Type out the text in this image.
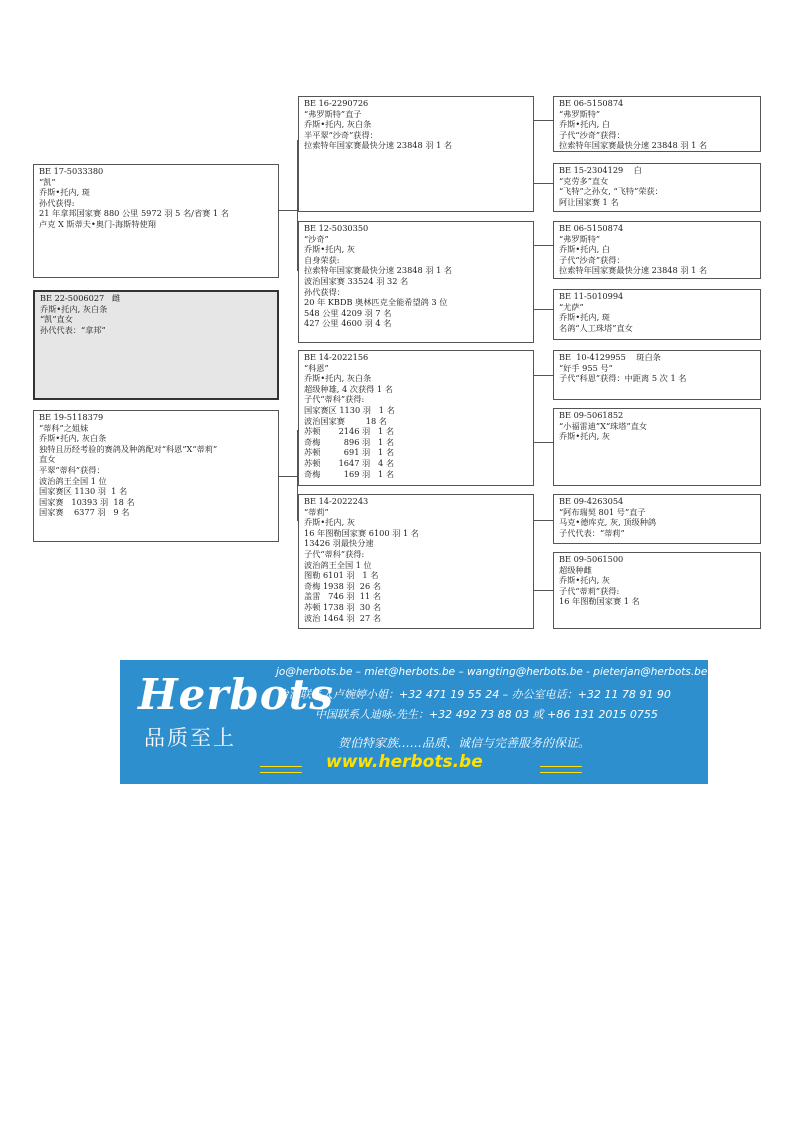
BE 17-5033380
“凯”
乔斯•托内, 斑
孙代获得:
21 年拿邦国家赛 880 公里 5972 羽 5 名/省赛 1 名
卢克 X 斯蒂夫•奥门-海斯特使翔
BE 22-5006027   雌
乔斯•托内, 灰白条
“凯”直女
孙代代表：“拿邦”
BE 19-5118379
“蒂科”之姐妹
乔斯•托内, 灰白条
独特且历经考验的赛鸽及种鸽配对“科恩”X“蒂莉”
直女
平翠“蒂科”获得：
波治鸽王全国 1 位
国家赛区 1130 羽  1 名
国家赛   10393 羽  18 名
国家赛    6377 羽   9 名
BE 16-2290726
“弗罗斯特”直子
乔斯•托内, 灰白条
半平翠“沙奇”获得：
拉索特年国家赛最快分速 23848 羽 1 名
BE 12-5030350
“沙奇”
乔斯•托内, 灰
自身荣获:
拉索特年国家赛最快分速 23848 羽 1 名
波治国家赛 33524 羽 32 名
孙代获得：
20 年 KBDB 奥林匹克全能希望鸽 3 位
548 公里 4209 羽 7 名
427 公里 4600 羽 4 名
BE 14-2022156
“科恩”
乔斯•托内, 灰白条
超级种雄, 4 次获得 1 名
子代“蒂科”获得:
国家赛区 1130 羽   1 名
波治国家赛        18 名
苏顿       2146 羽   1 名
奇梅         896 羽   1 名
苏顿         691 羽   1 名
苏顿       1647 羽   4 名
奇梅         169 羽   1 名
BE 14-2022243
“蒂莉”
乔斯•托内, 灰
16 年图勒国家赛 6100 羽 1 名
13426 羽最快分速
子代“蒂科”获得:
波治鸽王全国 1 位
图勒 6101 羽   1 名
奇梅 1938 羽  26 名
盖雷   746 羽  11 名
苏顿 1738 羽  30 名
波治 1464 羽  27 名
BE 06-5150874
“弗罗斯特”
乔斯•托内, 白
子代“沙奇”获得：
拉索特年国家赛最快分速 23848 羽 1 名
BE 15-2304129    白
“克劳多”直女
“飞特”之孙女, “飞特”荣获：
阿让国家赛 1 名
BE 06-5150874
“弗罗斯特”
乔斯•托内, 白
子代“沙奇”获得：
拉索特年国家赛最快分速 23848 羽 1 名
BE 11-5010994
“尤萨”
乔斯•托内, 斑
名鸽“人工珠塔”直女
BE  10-4129955    斑白条
“好手 955 号”
子代“科恩”获得：中距离 5 次 1 名
BE 09-5061852
“小福雷迪”X“珠塔”直女
乔斯•托内, 灰
BE 09-4263054
“阿布瑞契 801 号”直子
马克•德库克, 灰, 顶级种鸽
子代代表：“蒂莉”
BE 09-5061500
超级种雌
乔斯•托内, 灰
子代“蒂莉”获得:
16 年图勒国家赛 1 名
Herbots
jo@herbots.be – miet@herbots.be – wangting@herbots.be - pieterjan@herbots.be
台湾联系人卢婉婷小姐：+32 471 19 55 24 – 办公室电话：+32 11 78 91 90
中国联系人迪咏-先生：+32 492 73 88 03 或 +86 131 2015 0755
品质至上	贺伯特家族……品质、诚信与完善服务的保证。
www.herbots.be
